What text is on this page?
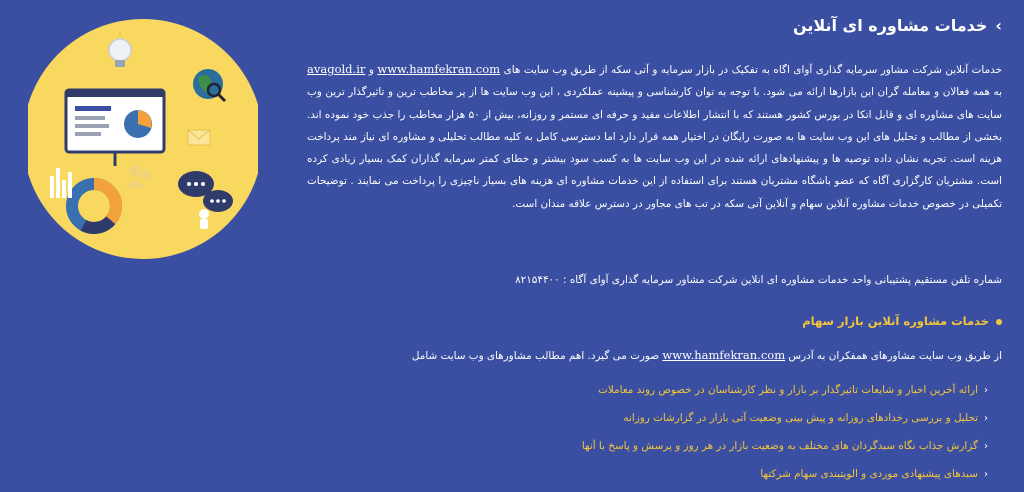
›خدمات مشاوره ای آنلاین

خدمات آنلاین شرکت مشاور سرمایه گذاری آوای اگاه به تفکیک در بازار سرمایه و آتی سکه از طریق وب سایت های www.hamfekran.com و avagold.ir به همه فعالان و معامله گران این بازارها ارائه می شود. با توجه به توان کارشناسی و پیشینه عملکردی ، این وب سایت ها از پر مخاطب ترین و تاثیرگذار ترین وب سایت های مشاوره ای و قابل اتکا در بورس کشور هستند که با انتشار اطلاعات مفید و حرفه ای مستمر و روزانه، بیش از ۵۰ هزار مخاطب را جذب خود نموده اند. بخشی از مطالب و تحلیل های این وب سایت ها به صورت رایگان در اختیار همه قرار دارد اما دسترسی کامل به کلیه مطالب تحلیلی و مشاوره ای نیاز مند پرداخت هزینه است. تجربه نشان داده توصیه ها و پیشنهادهای ارائه شده در این وب سایت ها به کسب سود بیشتر و خطای کمتر سرمایه گذاران کمک بسیار زیادی کرده است. مشتریان کارگزاری آگاه که عضو باشگاه مشتریان هستند برای استفاده از این خدمات مشاوره ای هزینه های بسیار ناچیزی را پرداخت می نمایند . توضیحات تکمیلی در خصوص خدمات مشاوره آنلاین سهام و آنلاین آتی سکه در تب های مجاور در دسترس علاقه مندان است.

شماره تلفن مستقیم پشتیبانی واحد خدمات مشاوره ای انلاین شرکت مشاور سرمایه گذاری آوای آگاه : ۸۲۱۵۴۴۰۰

خدمات مشاوره آنلاین بازار سهام

از طریق وب سایت مشاورهای همفکران به آدرس www.hamfekran.com صورت می گیرد. اهم مطالب مشاورهای وب سایت شامل

‹ارائه آخرین اخبار و شایعات تاثیرگذار بر بازار و نظر کارشناسان در خصوص روند معاملات
‹تحلیل و بررسی رخدادهای روزانه و پیش بینی وضعیت آتی بازار در گزارشات روزانه
‹گزارش جذاب نگاه سبدگردان های مختلف به وضعیت بازار در هر روز و پرسش و پاسخ با آنها
‹سبدهای پیشنهادی موردی و الویتبندی سهام شرکتها
